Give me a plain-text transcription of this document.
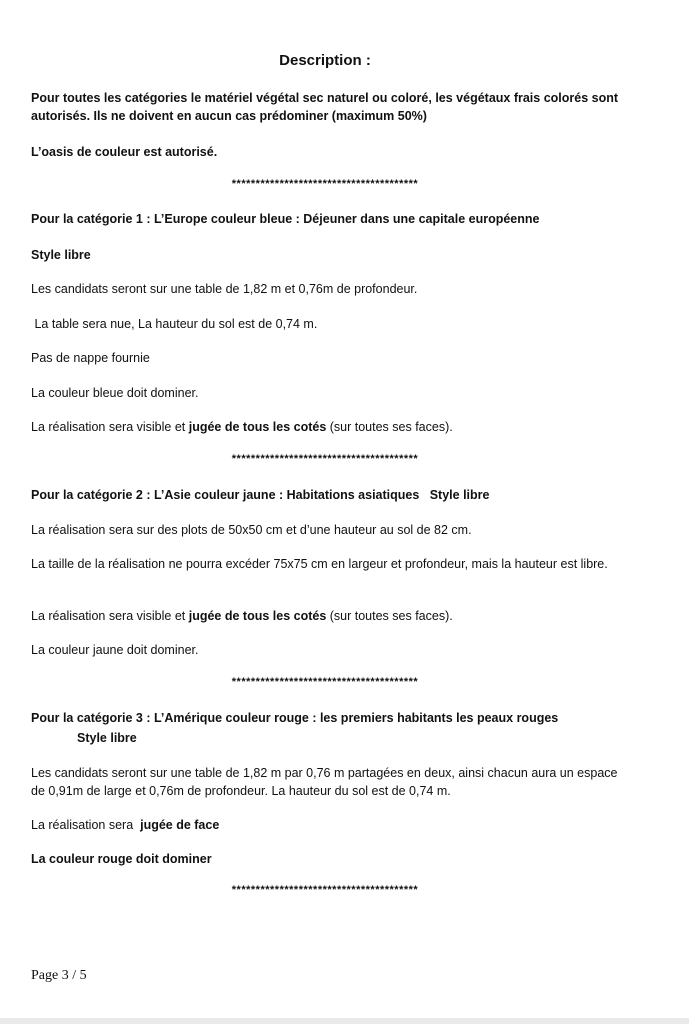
Description :
Pour toutes les catégories le matériel végétal sec naturel ou coloré, les végétaux frais colorés sont autorisés. Ils ne doivent en aucun cas prédominer (maximum 50%)
L’oasis de couleur est autorisé.
***************************************
Pour la catégorie 1 : L’Europe couleur bleue : Déjeuner dans une capitale européenne
Style libre
Les candidats seront sur une table de 1,82 m et 0,76m de profondeur.
La table sera nue, La hauteur du sol est de 0,74 m.
Pas de nappe fournie
La couleur bleue doit dominer.
La réalisation sera visible et jugée de tous les cotés (sur toutes ses faces).
***************************************
Pour la catégorie 2 : L’Asie couleur jaune : Habitations asiatiques   Style libre
La réalisation sera sur des plots de 50x50 cm et d’une hauteur au sol de 82 cm.
La taille de la réalisation ne pourra excéder 75x75 cm en largeur et profondeur, mais la hauteur est libre.
La réalisation sera visible et jugée de tous les cotés (sur toutes ses faces).
La couleur jaune doit dominer.
***************************************
Pour la catégorie 3 : L’Amérique couleur rouge : les premiers habitants les peaux rouges
Style libre
Les candidats seront sur une table de 1,82 m par 0,76 m partagées en deux, ainsi chacun aura un espace de 0,91m de large et 0,76m de profondeur. La hauteur du sol est de 0,74 m.
La réalisation sera  jugée de face
La couleur rouge doit dominer
***************************************
Page 3 / 5
